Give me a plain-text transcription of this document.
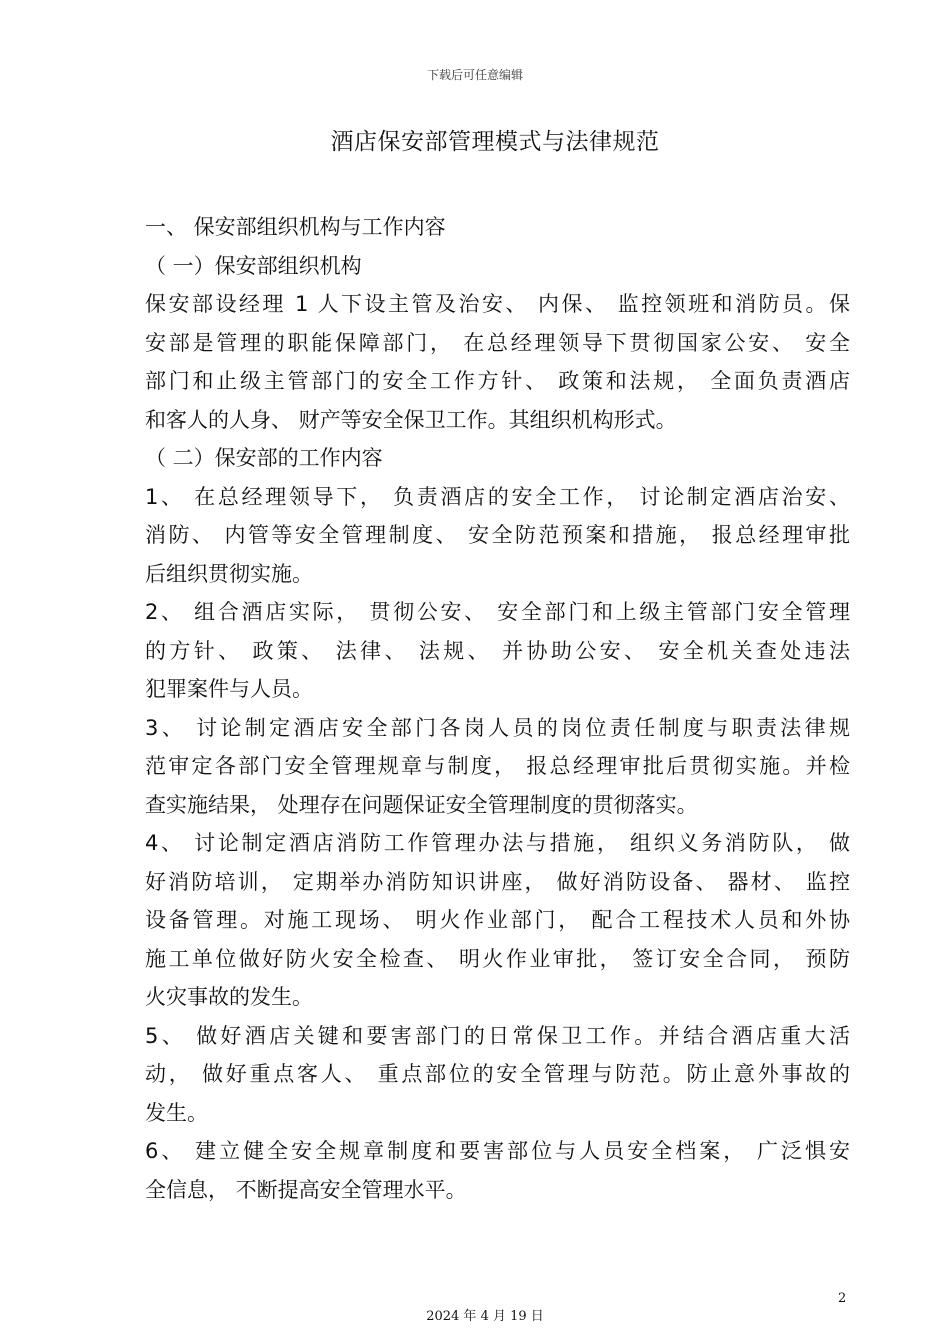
下载后可任意编辑
酒店保安部管理模式与法律规范
一、 保安部组织机构与工作内容
（ 一）保安部组织机构
保安部设经理 1 人下设主管及治安、 内保、 监控领班和消防员。保
安部是管理的职能保障部门， 在总经理领导下贯彻国家公安、 安全
部门和止级主管部门的安全工作方针、 政策和法规， 全面负责酒店
和客人的人身、 财产等安全保卫工作。其组织机构形式。
（ 二）保安部的工作内容
1、 在总经理领导下， 负责酒店的安全工作， 讨论制定酒店治安、
消防、 内管等安全管理制度、 安全防范预案和措施， 报总经理审批
后组织贯彻实施。
2、 组合酒店实际， 贯彻公安、 安全部门和上级主管部门安全管理
的方针、 政策、 法律、 法规、 并协助公安、 安全机关查处违法
犯罪案件与人员。
3、 讨论制定酒店安全部门各岗人员的岗位责任制度与职责法律规
范审定各部门安全管理规章与制度， 报总经理审批后贯彻实施。并检
查实施结果， 处理存在问题保证安全管理制度的贯彻落实。
4、 讨论制定酒店消防工作管理办法与措施， 组织义务消防队， 做
好消防培训， 定期举办消防知识讲座， 做好消防设备、 器材、 监控
设备管理。对施工现场、 明火作业部门， 配合工程技术人员和外协
施工单位做好防火安全检查、 明火作业审批， 签订安全合同， 预防
火灾事故的发生。
5、 做好酒店关键和要害部门的日常保卫工作。并结合酒店重大活
动， 做好重点客人、 重点部位的安全管理与防范。防止意外事故的
发生。
6、 建立健全安全规章制度和要害部位与人员安全档案， 广泛惧安
全信息， 不断提高安全管理水平。
2
2024 年 4 月 19 日
